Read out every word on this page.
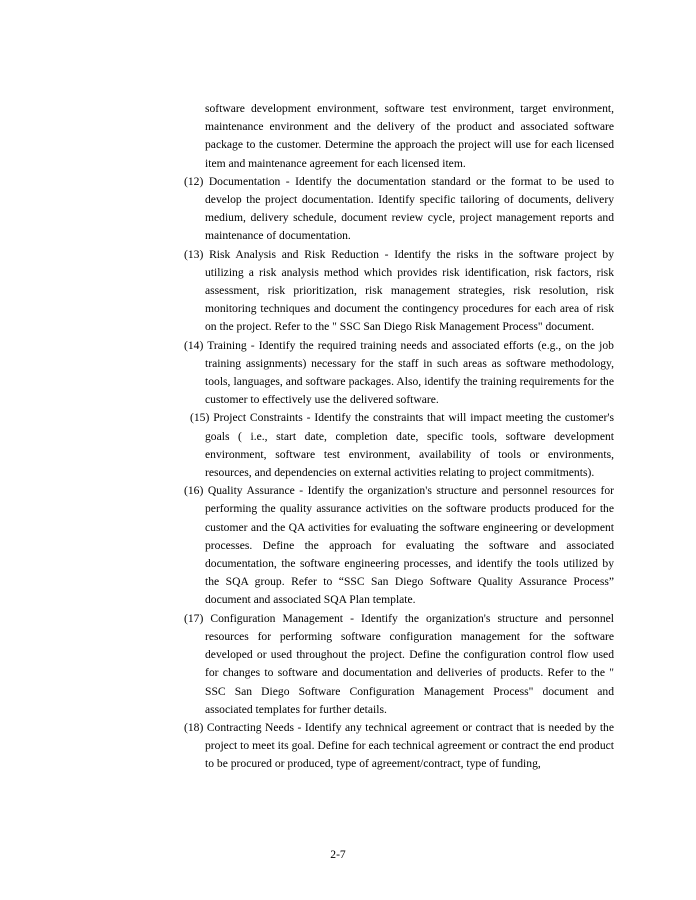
software development environment, software test environment, target environment, maintenance environment and the delivery of the product and associated software package to the customer. Determine the approach the project will use for each licensed item and maintenance agreement for each licensed item.

(12) Documentation - Identify the documentation standard or the format to be used to develop the project documentation. Identify specific tailoring of documents, delivery medium, delivery schedule, document review cycle, project management reports and maintenance of documentation.

(13) Risk Analysis and Risk Reduction - Identify the risks in the software project by utilizing a risk analysis method which provides risk identification, risk factors, risk assessment, risk prioritization, risk management strategies, risk resolution, risk monitoring techniques and document the contingency procedures for each area of risk on the project. Refer to the " SSC San Diego Risk Management Process" document.

(14) Training - Identify the required training needs and associated efforts (e.g., on the job training assignments) necessary for the staff in such areas as software methodology, tools, languages, and software packages. Also, identify the training requirements for the customer to effectively use the delivered software.

(15) Project Constraints - Identify the constraints that will impact meeting the customer's goals ( i.e., start date, completion date, specific tools, software development environment, software test environment, availability of tools or environments, resources, and dependencies on external activities relating to project commitments).

(16) Quality Assurance - Identify the organization's structure and personnel resources for performing the quality assurance activities on the software products produced for the customer and the QA activities for evaluating the software engineering or development processes. Define the approach for evaluating the software and associated documentation, the software engineering processes, and identify the tools utilized by the SQA group. Refer to “SSC San Diego Software Quality Assurance Process” document and associated SQA Plan template.

(17) Configuration Management - Identify the organization's structure and personnel resources for performing software configuration management for the software developed or used throughout the project. Define the configuration control flow used for changes to software and documentation and deliveries of products. Refer to the " SSC San Diego Software Configuration Management Process" document and associated templates for further details.

(18) Contracting Needs - Identify any technical agreement or contract that is needed by the project to meet its goal. Define for each technical agreement or contract the end product to be procured or produced, type of agreement/contract, type of funding,

2-7
